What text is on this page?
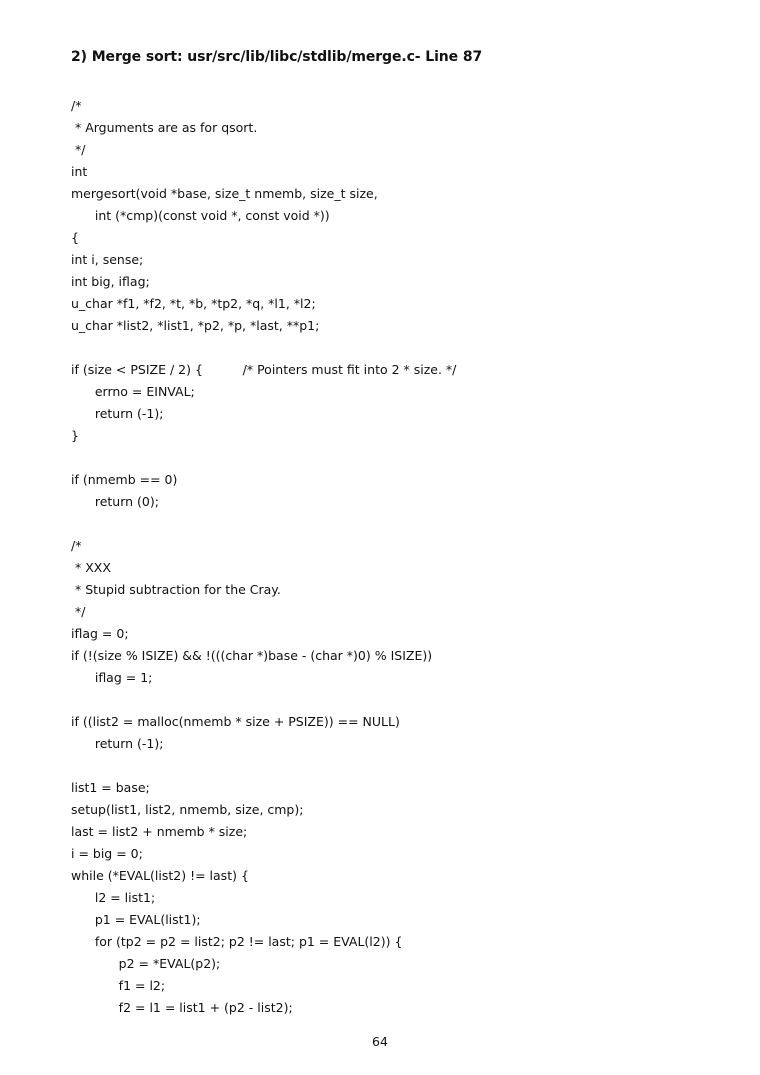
2) Merge sort: usr/src/lib/libc/stdlib/merge.c- Line 87
/*
* Arguments are as for qsort.
*/
int
mergesort(void *base, size_t nmemb, size_t size,
int (*cmp)(const void *, const void *))
{
int i, sense;
int big, iflag;
u_char *f1, *f2, *t, *b, *tp2, *q, *l1, *l2;
u_char *list2, *list1, *p2, *p, *last, **p1;
if (size < PSIZE / 2) {          /* Pointers must fit into 2 * size. */
errno = EINVAL;
return (-1);
}
if (nmemb == 0)
return (0);
/*
* XXX
* Stupid subtraction for the Cray.
*/
iflag = 0;
if (!(size % ISIZE) && !(((char *)base - (char *)0) % ISIZE))
iflag = 1;
if ((list2 = malloc(nmemb * size + PSIZE)) == NULL)
return (-1);
list1 = base;
setup(list1, list2, nmemb, size, cmp);
last = list2 + nmemb * size;
i = big = 0;
while (*EVAL(list2) != last) {
l2 = list1;
p1 = EVAL(list1);
for (tp2 = p2 = list2; p2 != last; p1 = EVAL(l2)) {
p2 = *EVAL(p2);
f1 = l2;
f2 = l1 = list1 + (p2 - list2);
64
